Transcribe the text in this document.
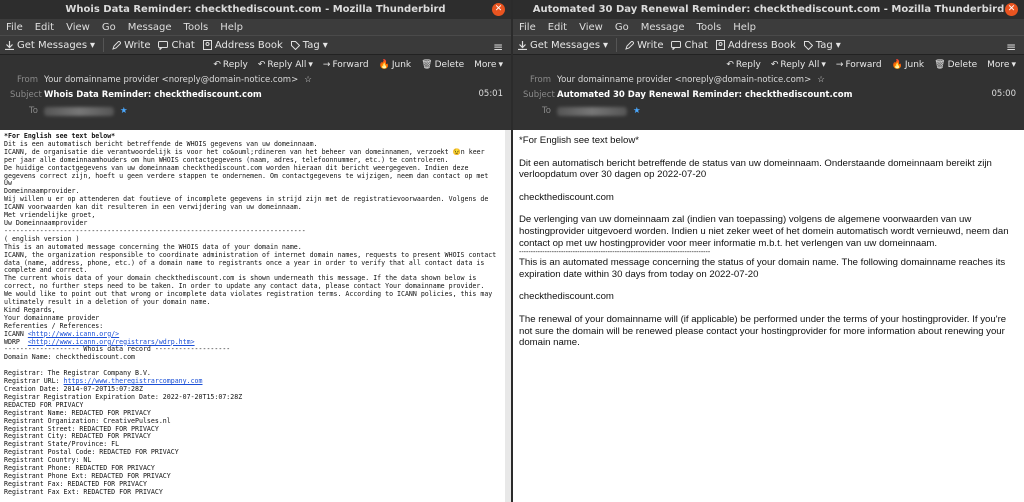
Whois Data Reminder: checkthediscount.com - Mozilla Thunderbird	✕
File Edit View Go Message Tools Help
Get Messages ▾	Write Chat Address Book Tag ▾	≡
↶ Reply ↶ Reply All ▾ → Forward 🔥 Junk 🗑 Delete More ▾
From Your domainname provider <noreply@domain-notice.com> ☆
Subject Whois Data Reminder: checkthediscount.com	05:01
To	★
*For English see text below*
Dit is een automatisch bericht betreffende de WHOIS gegevens van uw domeinnaam.
ICANN, de organisatie die verantwoordelijk is voor het co&ouml;rdineren van het beheer van domeinnamen, verzoekt 😉n keer
per jaar alle domeinnaamhouders om hun WHOIS contactgegevens (naam, adres, telefoonnummer, etc.) te controleren.
De huidige contactgegevens van uw domeinnaam checkthediscount.com worden hieraan dit bericht weergegeven. Indien deze
gegevens correct zijn, hoeft u geen verdere stappen te ondernemen. Om contactgegevens te wijzigen, neem dan contact op met
Uw
Domeinnaamprovider.
Wij willen u er op attenderen dat foutieve of incomplete gegevens in strijd zijn met de registratievoorwaarden. Volgens de
ICANN voorwaarden kan dit resulteren in een verwijdering van uw domeinnaam.
Met vriendelijke groet,
Uw Domeinnaamprovider
----------------------------------------------------------------------------
( english version )
This is an automated message concerning the WHOIS data of your domain name.
ICANN, the organization responsible to coordinate administration of internet domain names, requests to present WHOIS contact
data (name, address, phone, etc.) of a domain name to registrants once a year in order to verify that all contact data is
complete and correct.
The current whois data of your domain checkthediscount.com is shown underneath this message. If the data shown below is
correct, no further steps need to be taken. In order to update any contact data, please contact Your domainname provider.
We would like to point out that wrong or incomplete data violates registration terms. According to ICANN policies, this may
ultimately result in a deletion of your domain name.
Kind Regards,
Your domainname provider
Referenties / References:
ICANN <http://www.icann.org/>
WDRP  <http://www.icann.org/registrars/wdrp.htm>
------------------- Whois data record -------------------
Domain Name: checkthediscount.com

Registrar: The Registrar Company B.V.
Registrar URL: https://www.theregistrarcompany.com
Creation Date: 2014-07-20T15:07:28Z
Registrar Registration Expiration Date: 2022-07-20T15:07:28Z
REDACTED FOR PRIVACY
Registrant Name: REDACTED FOR PRIVACY
Registrant Organization: CreativePulses.nl
Registrant Street: REDACTED FOR PRIVACY
Registrant City: REDACTED FOR PRIVACY
Registrant State/Province: FL
Registrant Postal Code: REDACTED FOR PRIVACY
Registrant Country: NL
Registrant Phone: REDACTED FOR PRIVACY
Registrant Phone Ext: REDACTED FOR PRIVACY
Registrant Fax: REDACTED FOR PRIVACY
Registrant Fax Ext: REDACTED FOR PRIVACY
Automated 30 Day Renewal Reminder: checkthediscount.com - Mozilla Thunderbird ✕
File Edit View Go Message Tools Help
Get Messages ▾	Write Chat Address Book Tag ▾	≡
↶ Reply ↶ Reply All ▾ → Forward 🔥 Junk 🗑 Delete More ▾
From Your domainname provider <noreply@domain-notice.com> ☆
Subject Automated 30 Day Renewal Reminder: checkthediscount.com	05:00
To	★

*For English see text below*

Dit een automatisch bericht betreffende de status van uw domeinnaam. Onderstaande domeinnaam bereikt zijn verloopdatum over 30 dagen op 2022-07-20

checkthediscount.com

De verlenging van uw domeinnaam zal (indien van toepassing) volgens de algemene voorwaarden van uw hostingprovider uitgevoerd worden. Indien u niet zeker weet of het domein automatisch wordt vernieuwd, neem dan contact op met uw hostingprovider voor meer informatie m.b.t. het verlengen van uw domeinnaam.

----------------------------------------------------------------------------------

This is an automated message concerning the status of your domain name. The following domainname reaches its expiration date within 30 days from today on 2022-07-20

checkthediscount.com

The renewal of your domainname will (if applicable) be performed under the terms of your hostingprovider. If you're not sure the domain will be renewed please contact your hostingprovider for more information about renewing your domain name.
